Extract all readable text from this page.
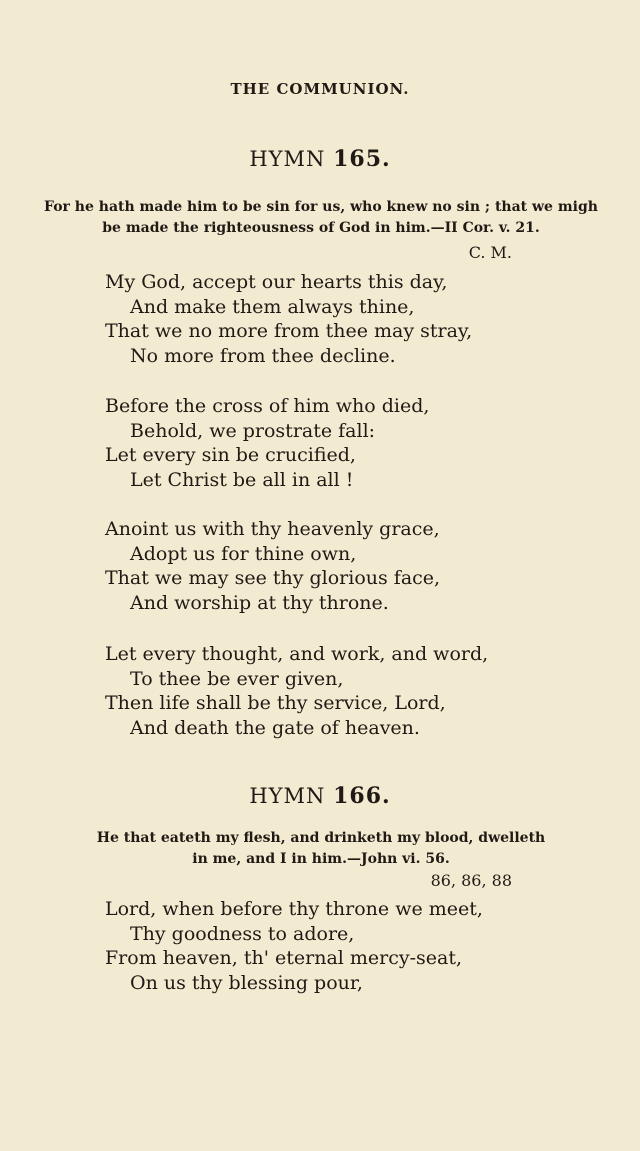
THE COMMUNION.
HYMN 165.
For he hath made him to be sin for us, who knew no sin ; that we migh
be made the righteousness of God in him.—II Cor. v. 21.
C. M.
My God, accept our hearts this day,
And make them always thine,
That we no more from thee may stray,
No more from thee decline.
Before the cross of him who died,
Behold, we prostrate fall:
Let every sin be crucified,
Let Christ be all in all !
Anoint us with thy heavenly grace,
Adopt us for thine own,
That we may see thy glorious face,
And worship at thy throne.
Let every thought, and work, and word,
To thee be ever given,
Then life shall be thy service, Lord,
And death the gate of heaven.
HYMN 166.
He that eateth my flesh, and drinketh my blood, dwelleth
in me, and I in him.—John vi. 56.
86, 86, 88
Lord, when before thy throne we meet,
Thy goodness to adore,
From heaven, th' eternal mercy-seat,
On us thy blessing pour,
